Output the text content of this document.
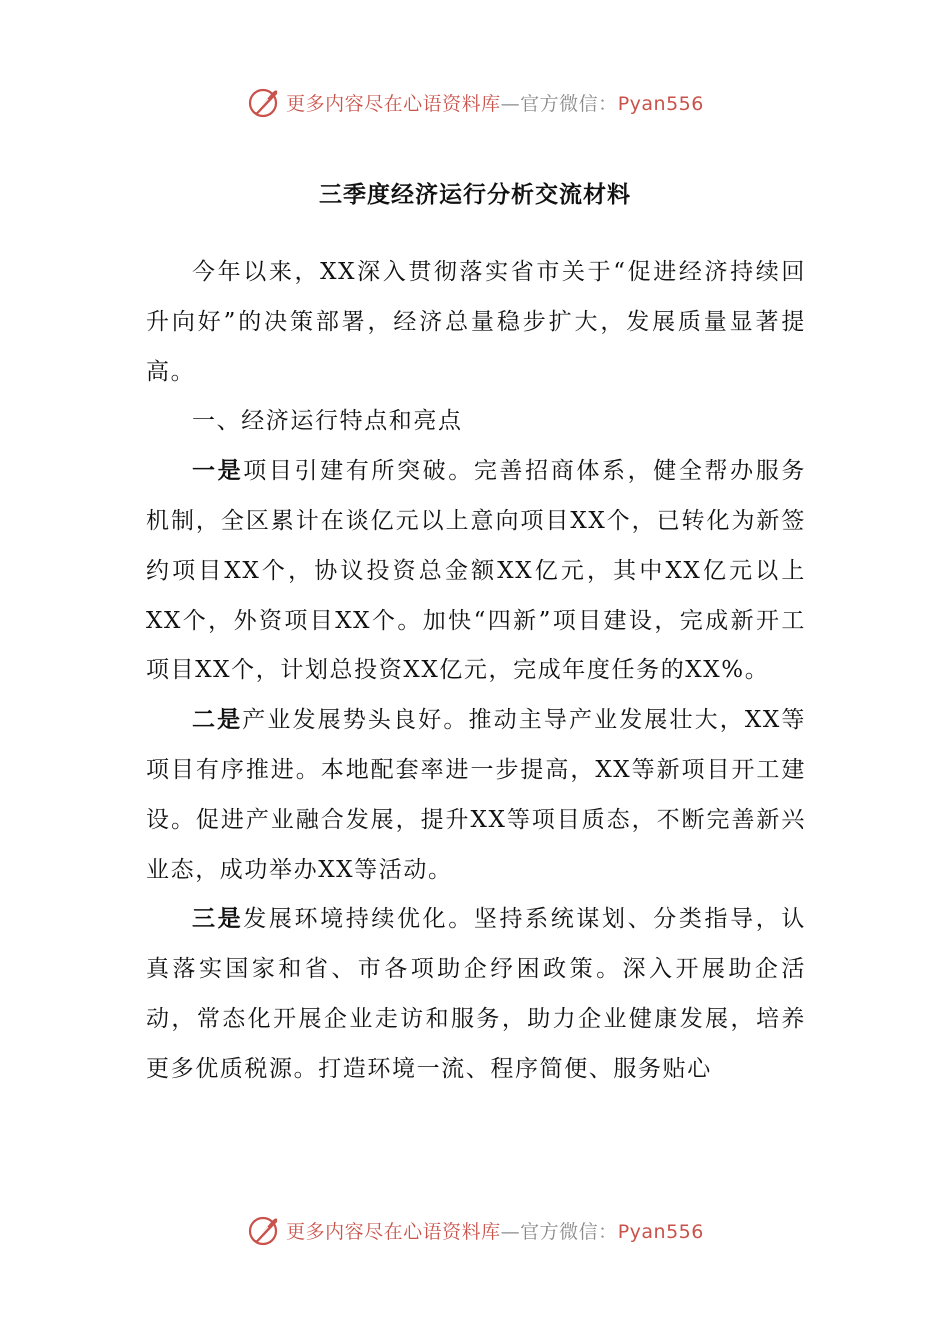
更多内容尽在心语资料库—官方微信：Pyan556
三季度经济运行分析交流材料

今年以来，XX深入贯彻落实省市关于“促进经济持续回升向好”的决策部署，经济总量稳步扩大，发展质量显著提高。

一、经济运行特点和亮点

一是项目引建有所突破。完善招商体系，健全帮办服务机制，全区累计在谈亿元以上意向项目XX个，已转化为新签约项目XX个，协议投资总金额XX亿元，其中XX亿元以上XX个，外资项目XX个。加快“四新”项目建设，完成新开工项目XX个，计划总投资XX亿元，完成年度任务的XX%。

二是产业发展势头良好。推动主导产业发展壮大，XX等项目有序推进。本地配套率进一步提高，XX等新项目开工建设。促进产业融合发展，提升XX等项目质态，不断完善新兴业态，成功举办XX等活动。

三是发展环境持续优化。坚持系统谋划、分类指导，认真落实国家和省、市各项助企纾困政策。深入开展助企活动，常态化开展企业走访和服务，助力企业健康发展，培养更多优质税源。打造环境一流、程序简便、服务贴心

更多内容尽在心语资料库—官方微信：Pyan556
